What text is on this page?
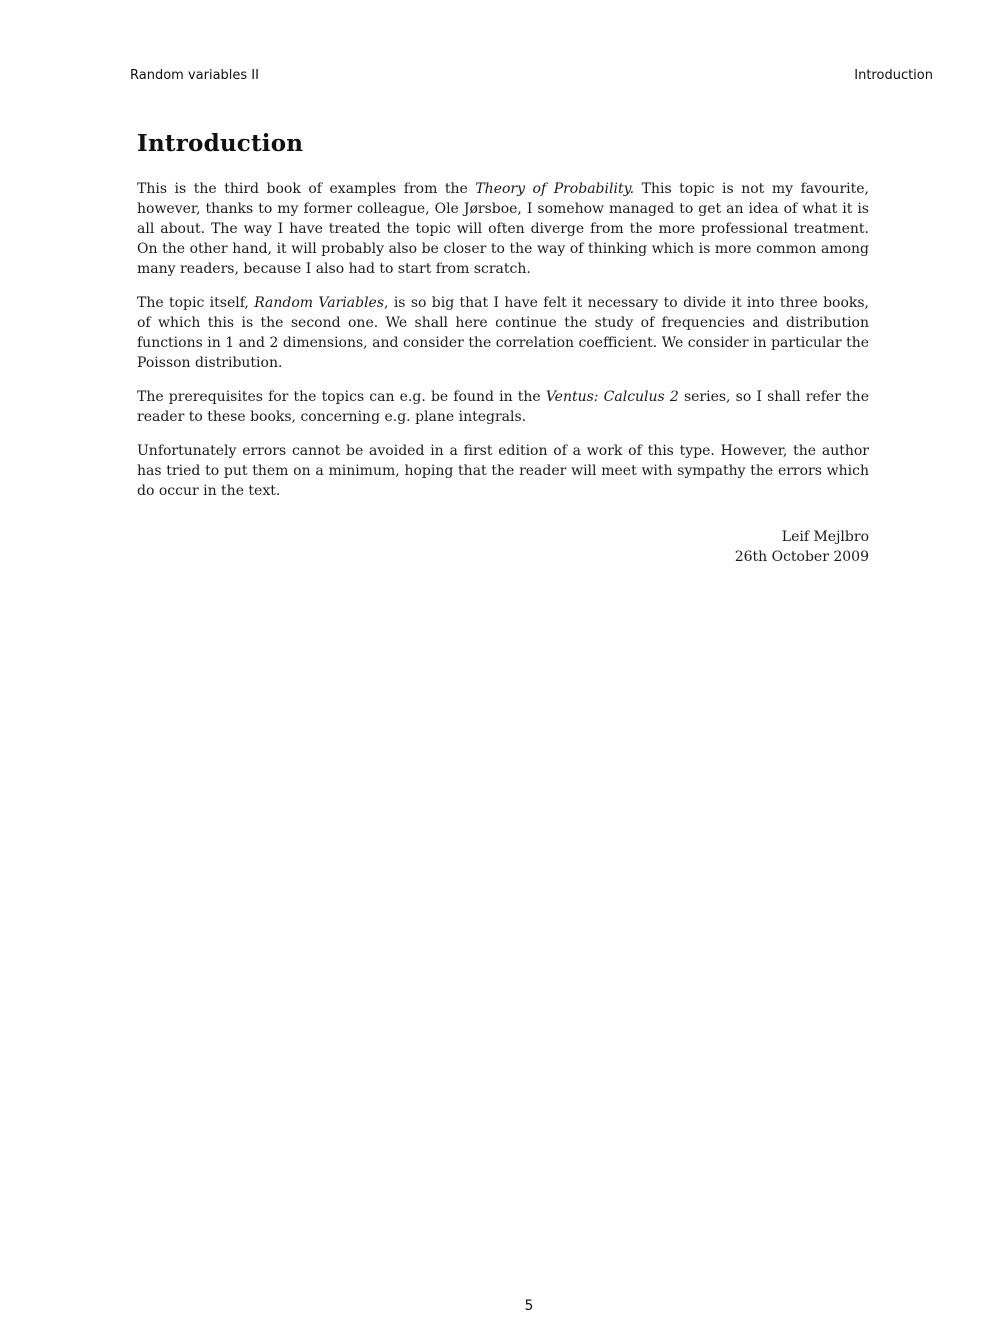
Random variables II	Introduction
Introduction

This is the third book of examples from the Theory of Probability. This topic is not my favourite, however, thanks to my former colleague, Ole Jørsboe, I somehow managed to get an idea of what it is all about. The way I have treated the topic will often diverge from the more professional treatment. On the other hand, it will probably also be closer to the way of thinking which is more common among many readers, because I also had to start from scratch.

The topic itself, Random Variables, is so big that I have felt it necessary to divide it into three books, of which this is the second one. We shall here continue the study of frequencies and distribution functions in 1 and 2 dimensions, and consider the correlation coefficient. We consider in particular the Poisson distribution.

The prerequisites for the topics can e.g. be found in the Ventus: Calculus 2 series, so I shall refer the reader to these books, concerning e.g. plane integrals.

Unfortunately errors cannot be avoided in a first edition of a work of this type. However, the author has tried to put them on a minimum, hoping that the reader will meet with sympathy the errors which do occur in the text.

Leif Mejlbro
26th October 2009
5
